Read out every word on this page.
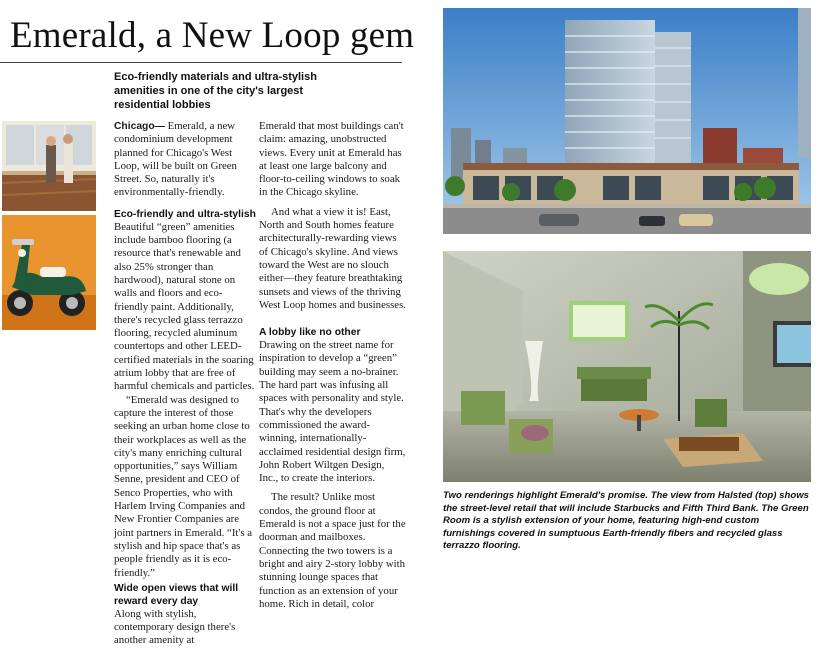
Emerald, a New Loop gem
Eco-friendly materials and ultra-stylish amenities in one of the city's largest residential lobbies

Chicago— Emerald, a new condominium development planned for Chicago's West Loop, will be built on Green Street. So, naturally it's environmentally-friendly.

Eco-friendly and ultra-stylish

Beautiful “green” amenities include bamboo flooring (a resource that's renewable and also 25% stronger than hardwood), natural stone on walls and floors and eco-friendly paint. Additionally, there's recycled glass terrazzo flooring, recycled aluminum countertops and other LEED-certified materials in the soaring atrium lobby that are free of harmful chemicals and particles.

“Emerald was designed to capture the interest of those seeking an urban home close to their workplaces as well as the city's many enriching cultural opportunities,” says William Senne, president and CEO of Senco Properties, who with Harlem Irving Companies and New Frontier Companies are joint partners in Emerald. “It's a stylish and hip space that's as people friendly as it is eco-friendly.”

Wide open views that will reward every day

Along with stylish, contemporary design there's another amenity at

Emerald that most buildings can't claim: amazing, unobstructed views. Every unit at Emerald has at least one large balcony and floor-to-ceiling windows to soak in the Chicago skyline.

And what a view it is! East, North and South homes feature architecturally-rewarding views of Chicago's skyline. And views toward the West are no slouch either—they feature breathtaking sunsets and views of the thriving West Loop homes and businesses.

A lobby like no other

Drawing on the street name for inspiration to develop a “green” building may seem a no-brainer. The hard part was infusing all spaces with personality and style. That's why the developers commissioned the award-winning, internationally-acclaimed residential design firm, John Robert Wiltgen Design, Inc., to create the interiors.

The result? Unlike most condos, the ground floor at Emerald is not a space just for the doorman and mailboxes. Connecting the two towers is a bright and airy 2-story lobby with stunning lounge spaces that function as an extension of your home. Rich in detail, color

Two renderings highlight Emerald's promise. The view from Halsted (top) shows the street-level retail that will include Starbucks and Fifth Third Bank. The Green Room is a stylish extension of your home, featuring high-end custom furnishings covered in sumptuous Earth-friendly fibers and recycled glass terrazzo flooring.
